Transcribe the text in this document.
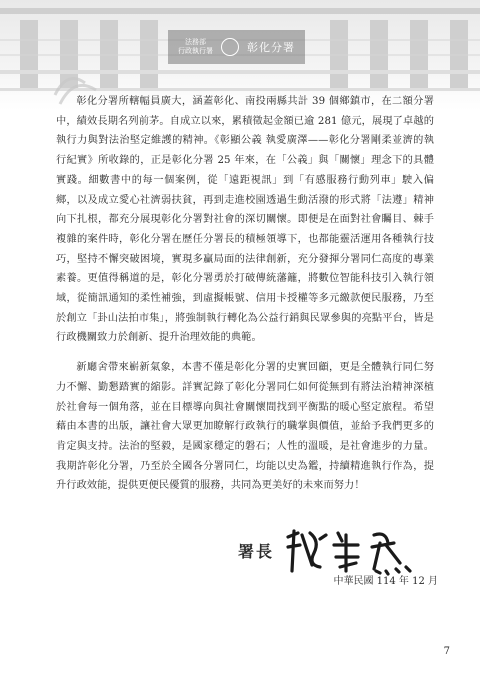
法務部
行政執行署	彰化分署

彰化分署所轄幅員廣大，涵蓋彰化、南投兩縣共計 39 個鄉鎮市，在二額分署中，績效長期名列前茅。自成立以來，累積徵起金額已逾 281 億元，展現了卓越的執行力與對法治堅定維護的精神。《彰顯公義 執愛廣澤——彰化分署剛柔並濟的執行紀實》所收錄的，正是彰化分署 25 年來，在「公義」與「關懷」理念下的具體實踐。細數書中的每一個案例，從「遠距視訊」到「有感服務行動列車」駛入偏鄉，以及成立愛心社濟弱扶貧，再到走進校園透過生動活潑的形式將「法遵」精神向下扎根，都充分展現彰化分署對社會的深切關懷。即便是在面對社會矚目、棘手複雜的案件時，彰化分署在歷任分署長的積極領導下，也都能靈活運用各種執行技巧，堅持不懈突破困境，實現多贏局面的法律創新，充分發揮分署同仁高度的專業素養。更值得稱道的是，彰化分署勇於打破傳統藩籬，將數位智能科技引入執行領域，從簡訊通知的柔性補強，到虛擬帳號、信用卡授權等多元繳款便民服務，乃至於創立「卦山法拍市集」，將強制執行轉化為公益行銷與民眾參與的亮點平台，皆是行政機關致力於創新、提升治理效能的典範。

新廳舍帶來嶄新氣象，本書不僅是彰化分署的史實回顧，更是全體執行同仁努力不懈、勤懇踏實的縮影。詳實記錄了彰化分署同仁如何從無到有將法治精神深植於社會每一個角落，並在目標導向與社會關懷間找到平衡點的暖心堅定旅程。希望藉由本書的出版，讓社會大眾更加瞭解行政執行的職掌與價值，並給予我們更多的肯定與支持。法治的堅毅，是國家穩定的磐石；人性的溫暖，是社會進步的力量。我期許彰化分署，乃至於全國各分署同仁，均能以史為鑑，持續精進執行作為，提升行政效能，提供更便民優質的服務，共同為更美好的未來而努力！

署長
中華民國 114 年 12 月
7
